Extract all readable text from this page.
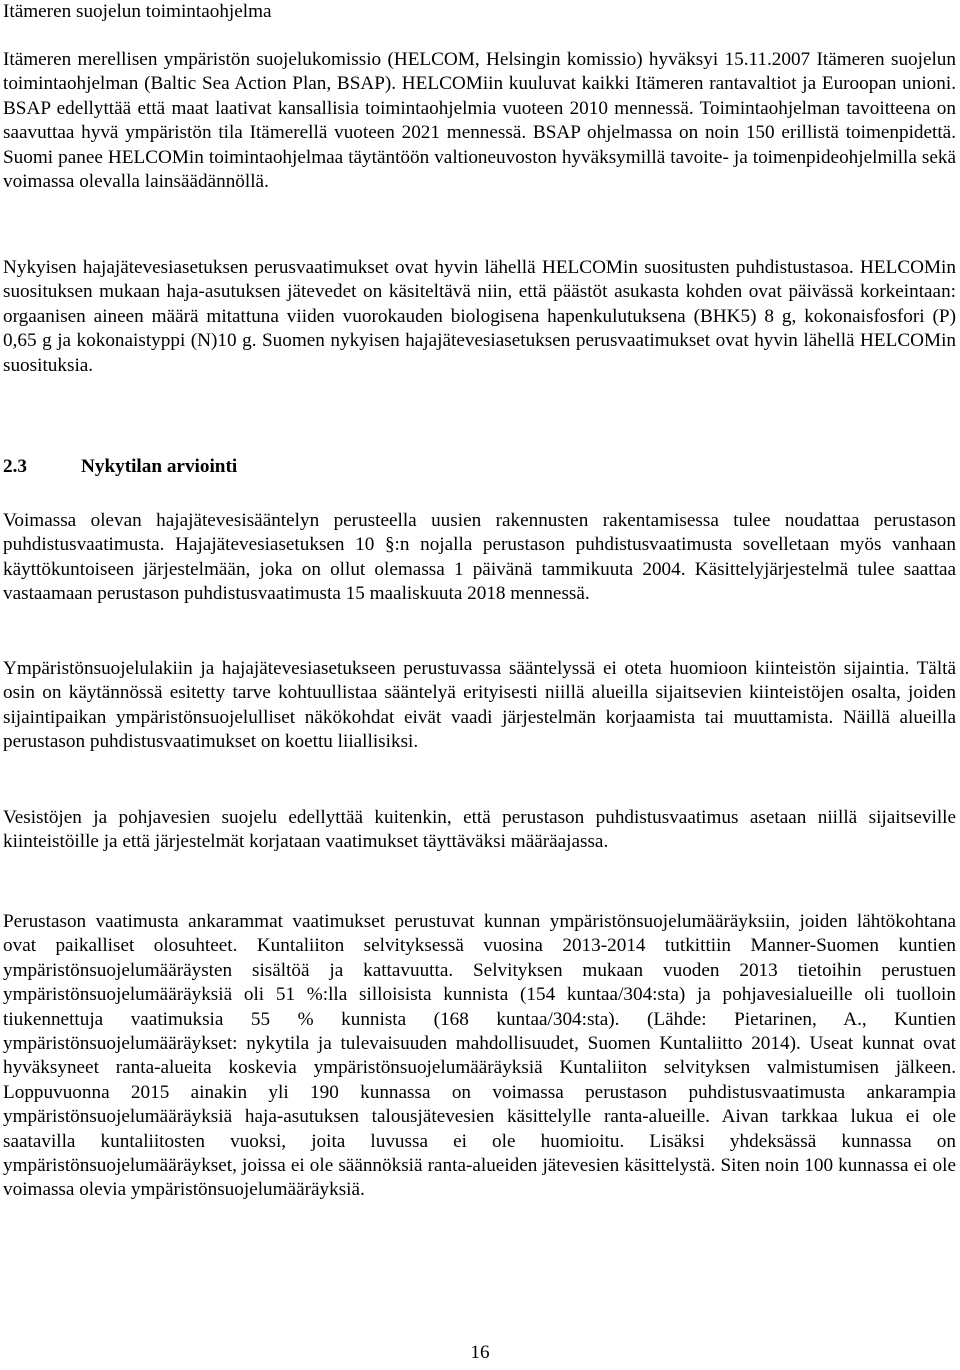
Itämeren suojelun toimintaohjelma

Itämeren merellisen ympäristön suojelukomissio (HELCOM, Helsingin komissio) hyväksyi 15.11.2007 Itämeren suojelun toimintaohjelman (Baltic Sea Action Plan, BSAP). HELCOMiin kuuluvat kaikki Itämeren rantavaltiot ja Euroopan unioni. BSAP edellyttää että maat laativat kansallisia toimintaohjelmia vuoteen 2010 mennessä. Toimintaohjelman tavoitteena on saavuttaa hyvä ympäristön tila Itämerellä vuoteen 2021 mennessä. BSAP ohjelmassa on noin 150 erillistä toimenpidettä. Suomi panee HELCOMin toimintaohjelmaa täytäntöön valtioneuvoston hyväksymillä tavoite- ja toimenpideohjelmilla sekä voimassa olevalla lainsäädännöllä.

Nykyisen hajajätevesiasetuksen perusvaatimukset ovat hyvin lähellä HELCOMin suositusten puhdistustasoa. HELCOMin suosituksen mukaan haja-asutuksen jätevedet on käsiteltävä niin, että päästöt asukasta kohden ovat päivässä korkeintaan: orgaanisen aineen määrä mitattuna viiden vuorokauden biologisena hapenkulutuksena (BHK5) 8 g, kokonaisfosfori (P) 0,65 g ja kokonaistyppi (N)10 g. Suomen nykyisen hajajätevesiasetuksen perusvaatimukset ovat hyvin lähellä HELCOMin suosituksia.

2.3	Nykytilan arviointi

Voimassa olevan hajajätevesisääntelyn perusteella uusien rakennusten rakentamisessa tulee noudattaa perustason puhdistusvaatimusta. Hajajätevesiasetuksen 10 §:n nojalla perustason puhdistusvaatimusta sovelletaan myös vanhaan käyttökuntoiseen järjestelmään, joka on ollut olemassa 1 päivänä tammikuuta 2004. Käsittelyjärjestelmä tulee saattaa vastaamaan perustason puhdistusvaatimusta 15 maaliskuuta 2018 mennessä.

Ympäristönsuojelulakiin ja hajajätevesiasetukseen perustuvassa sääntelyssä ei oteta huomioon kiinteistön sijaintia. Tältä osin on käytännössä esitetty tarve kohtuullistaa sääntelyä erityisesti niillä alueilla sijaitsevien kiinteistöjen osalta, joiden sijaintipaikan ympäristönsuojelulliset näkökohdat eivät vaadi järjestelmän korjaamista tai muuttamista. Näillä alueilla perustason puhdistusvaatimukset on koettu liiallisiksi.

Vesistöjen ja pohjavesien suojelu edellyttää kuitenkin, että perustason puhdistusvaatimus asetaan niillä sijaitseville kiinteistöille ja että järjestelmät korjataan vaatimukset täyttäväksi määräajassa.

Perustason vaatimusta ankarammat vaatimukset perustuvat kunnan ympäristönsuojelumääräyksiin, joiden lähtökohtana ovat paikalliset olosuhteet. Kuntaliiton selvityksessä vuosina 2013-2014 tutkittiin Manner-Suomen kuntien ympäristönsuojelumääräysten sisältöä ja kattavuutta. Selvityksen mukaan vuoden 2013 tietoihin perustuen ympäristönsuojelumääräyksiä oli 51 %:lla silloisista kunnista (154 kuntaa/304:sta) ja pohjavesialueille oli tuolloin tiukennettuja vaatimuksia 55 % kunnista (168 kuntaa/304:sta). (Lähde: Pietarinen, A., Kuntien ympäristönsuojelumääräykset: nykytila ja tulevaisuuden mahdollisuudet, Suomen Kuntaliitto 2014). Useat kunnat ovat hyväksyneet ranta-alueita koskevia ympäristönsuojelumääräyksiä Kuntaliiton selvityksen valmistumisen jälkeen. Loppuvuonna 2015 ainakin yli 190 kunnassa on voimassa perustason puhdistusvaatimusta ankarampia ympäristönsuojelumääräyksiä haja-asutuksen talousjätevesien käsittelylle ranta-alueille. Aivan tarkkaa lukua ei ole saatavilla kuntaliitosten vuoksi, joita luvussa ei ole huomioitu. Lisäksi yhdeksässä kunnassa on ympäristönsuojelumääräykset, joissa ei ole säännöksiä ranta-alueiden jätevesien käsittelystä. Siten noin 100 kunnassa ei ole voimassa olevia ympäristönsuojelumääräyksiä.

16
